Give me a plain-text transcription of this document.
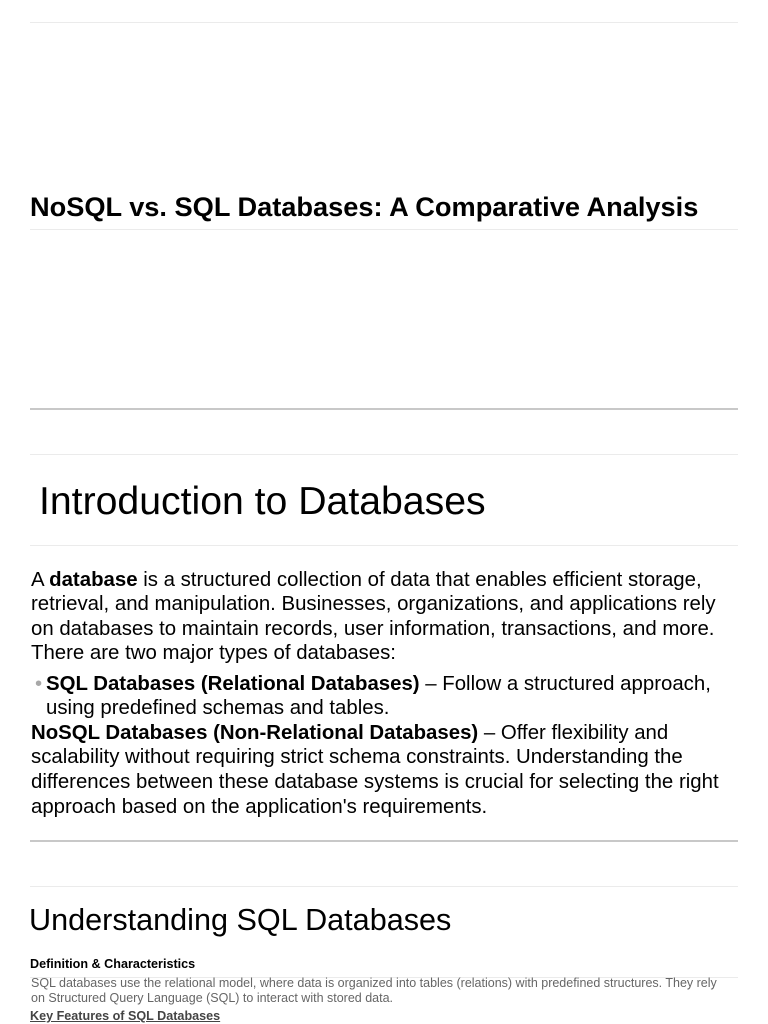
NoSQL vs. SQL Databases: A Comparative Analysis
Introduction to Databases

A database is a structured collection of data that enables efficient storage, retrieval, and manipulation. Businesses, organizations, and applications rely on databases to maintain records, user information, transactions, and more. There are two major types of databases:

• SQL Databases (Relational Databases) – Follow a structured approach, using predefined schemas and tables.

NoSQL Databases (Non-Relational Databases) – Offer flexibility and scalability without requiring strict schema constraints. Understanding the differences between these database systems is crucial for selecting the right approach based on the application's requirements.

Understanding SQL Databases
Definition & Characteristics

SQL databases use the relational model, where data is organized into tables (relations) with predefined structures. They rely on Structured Query Language (SQL) to interact with stored data.

Key Features of SQL Databases
